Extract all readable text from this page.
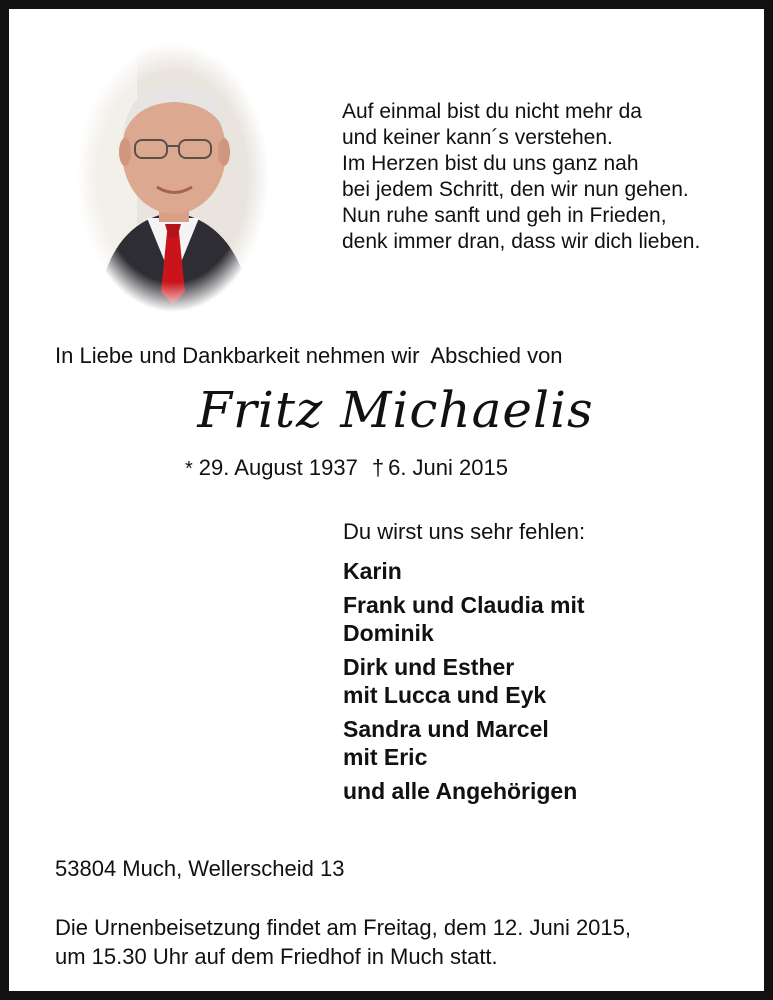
Auf einmal bist du nicht mehr da
und keiner kann´s verstehen.
Im Herzen bist du uns ganz nah
bei jedem Schritt, den wir nun gehen.
Nun ruhe sanft und geh in Frieden,
denk immer dran, dass wir dich lieben.
In Liebe und Dankbarkeit nehmen wir  Abschied von
Fritz Michaelis
* 29. August 1937 † 6. Juni 2015
Du wirst uns sehr fehlen:
Karin
Frank und Claudia mit
Dominik
Dirk und Esther
mit Lucca und Eyk
Sandra und Marcel
mit Eric
und alle Angehörigen
53804 Much, Wellerscheid 13
Die Urnenbeisetzung findet am Freitag, dem 12. Juni 2015,
um 15.30 Uhr auf dem Friedhof in Much statt.
